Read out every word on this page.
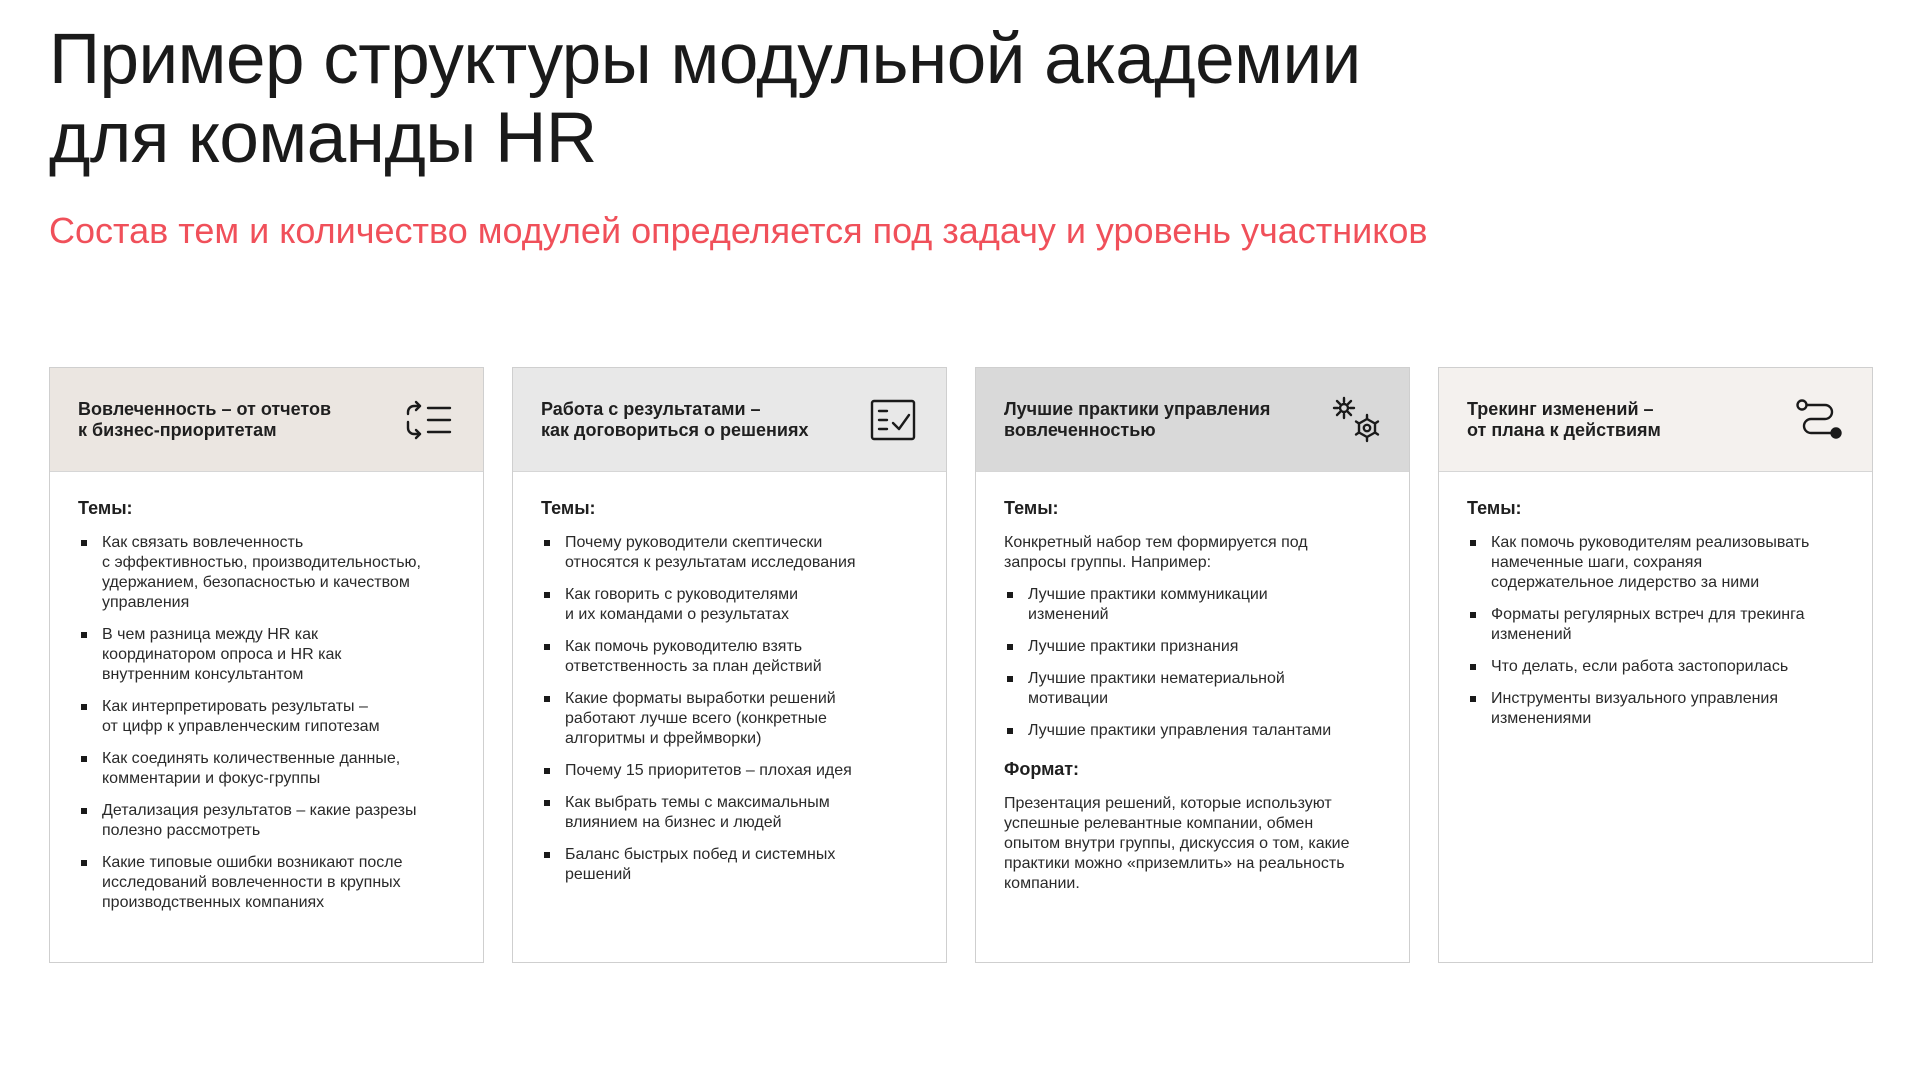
Пример структуры модульной академии
для команды HR
Состав тем и количество модулей определяется под задачу и уровень участников
Вовлеченность – от отчетов
к бизнес-приоритетам
Темы:
Как связать вовлеченность
с эффективностью, производительностью,
удержанием, безопасностью и качеством
управления
В чем разница между HR как
координатором опроса и HR как
внутренним консультантом
Как интерпретировать результаты –
от цифр к управленческим гипотезам
Как соединять количественные данные,
комментарии и фокус-группы
Детализация результатов – какие разрезы
полезно рассмотреть
Какие типовые ошибки возникают после
исследований вовлеченности в крупных
производственных компаниях
Работа с результатами –
как договориться о решениях
Темы:
Почему руководители скептически
относятся к результатам исследования
Как говорить с руководителями
и их командами о результатах
Как помочь руководителю взять
ответственность за план действий
Какие форматы выработки решений
работают лучше всего (конкретные
алгоритмы и фреймворки)
Почему 15 приоритетов – плохая идея
Как выбрать темы с максимальным
влиянием на бизнес и людей
Баланс быстрых побед и системных
решений
Лучшие практики управления
вовлеченностью
Темы:
Конкретный набор тем формируется под
запросы группы. Например:
Лучшие практики коммуникации
изменений
Лучшие практики признания
Лучшие практики нематериальной
мотивации
Лучшие практики управления талантами
Формат:
Презентация решений, которые используют
успешные релевантные компании, обмен
опытом внутри группы, дискуссия о том, какие
практики можно «приземлить» на реальность
компании.
Трекинг изменений –
от плана к действиям
Темы:
Как помочь руководителям реализовывать
намеченные шаги, сохраняя
содержательное лидерство за ними
Форматы регулярных встреч для трекинга
изменений
Что делать, если работа застопорилась
Инструменты визуального управления
изменениями
